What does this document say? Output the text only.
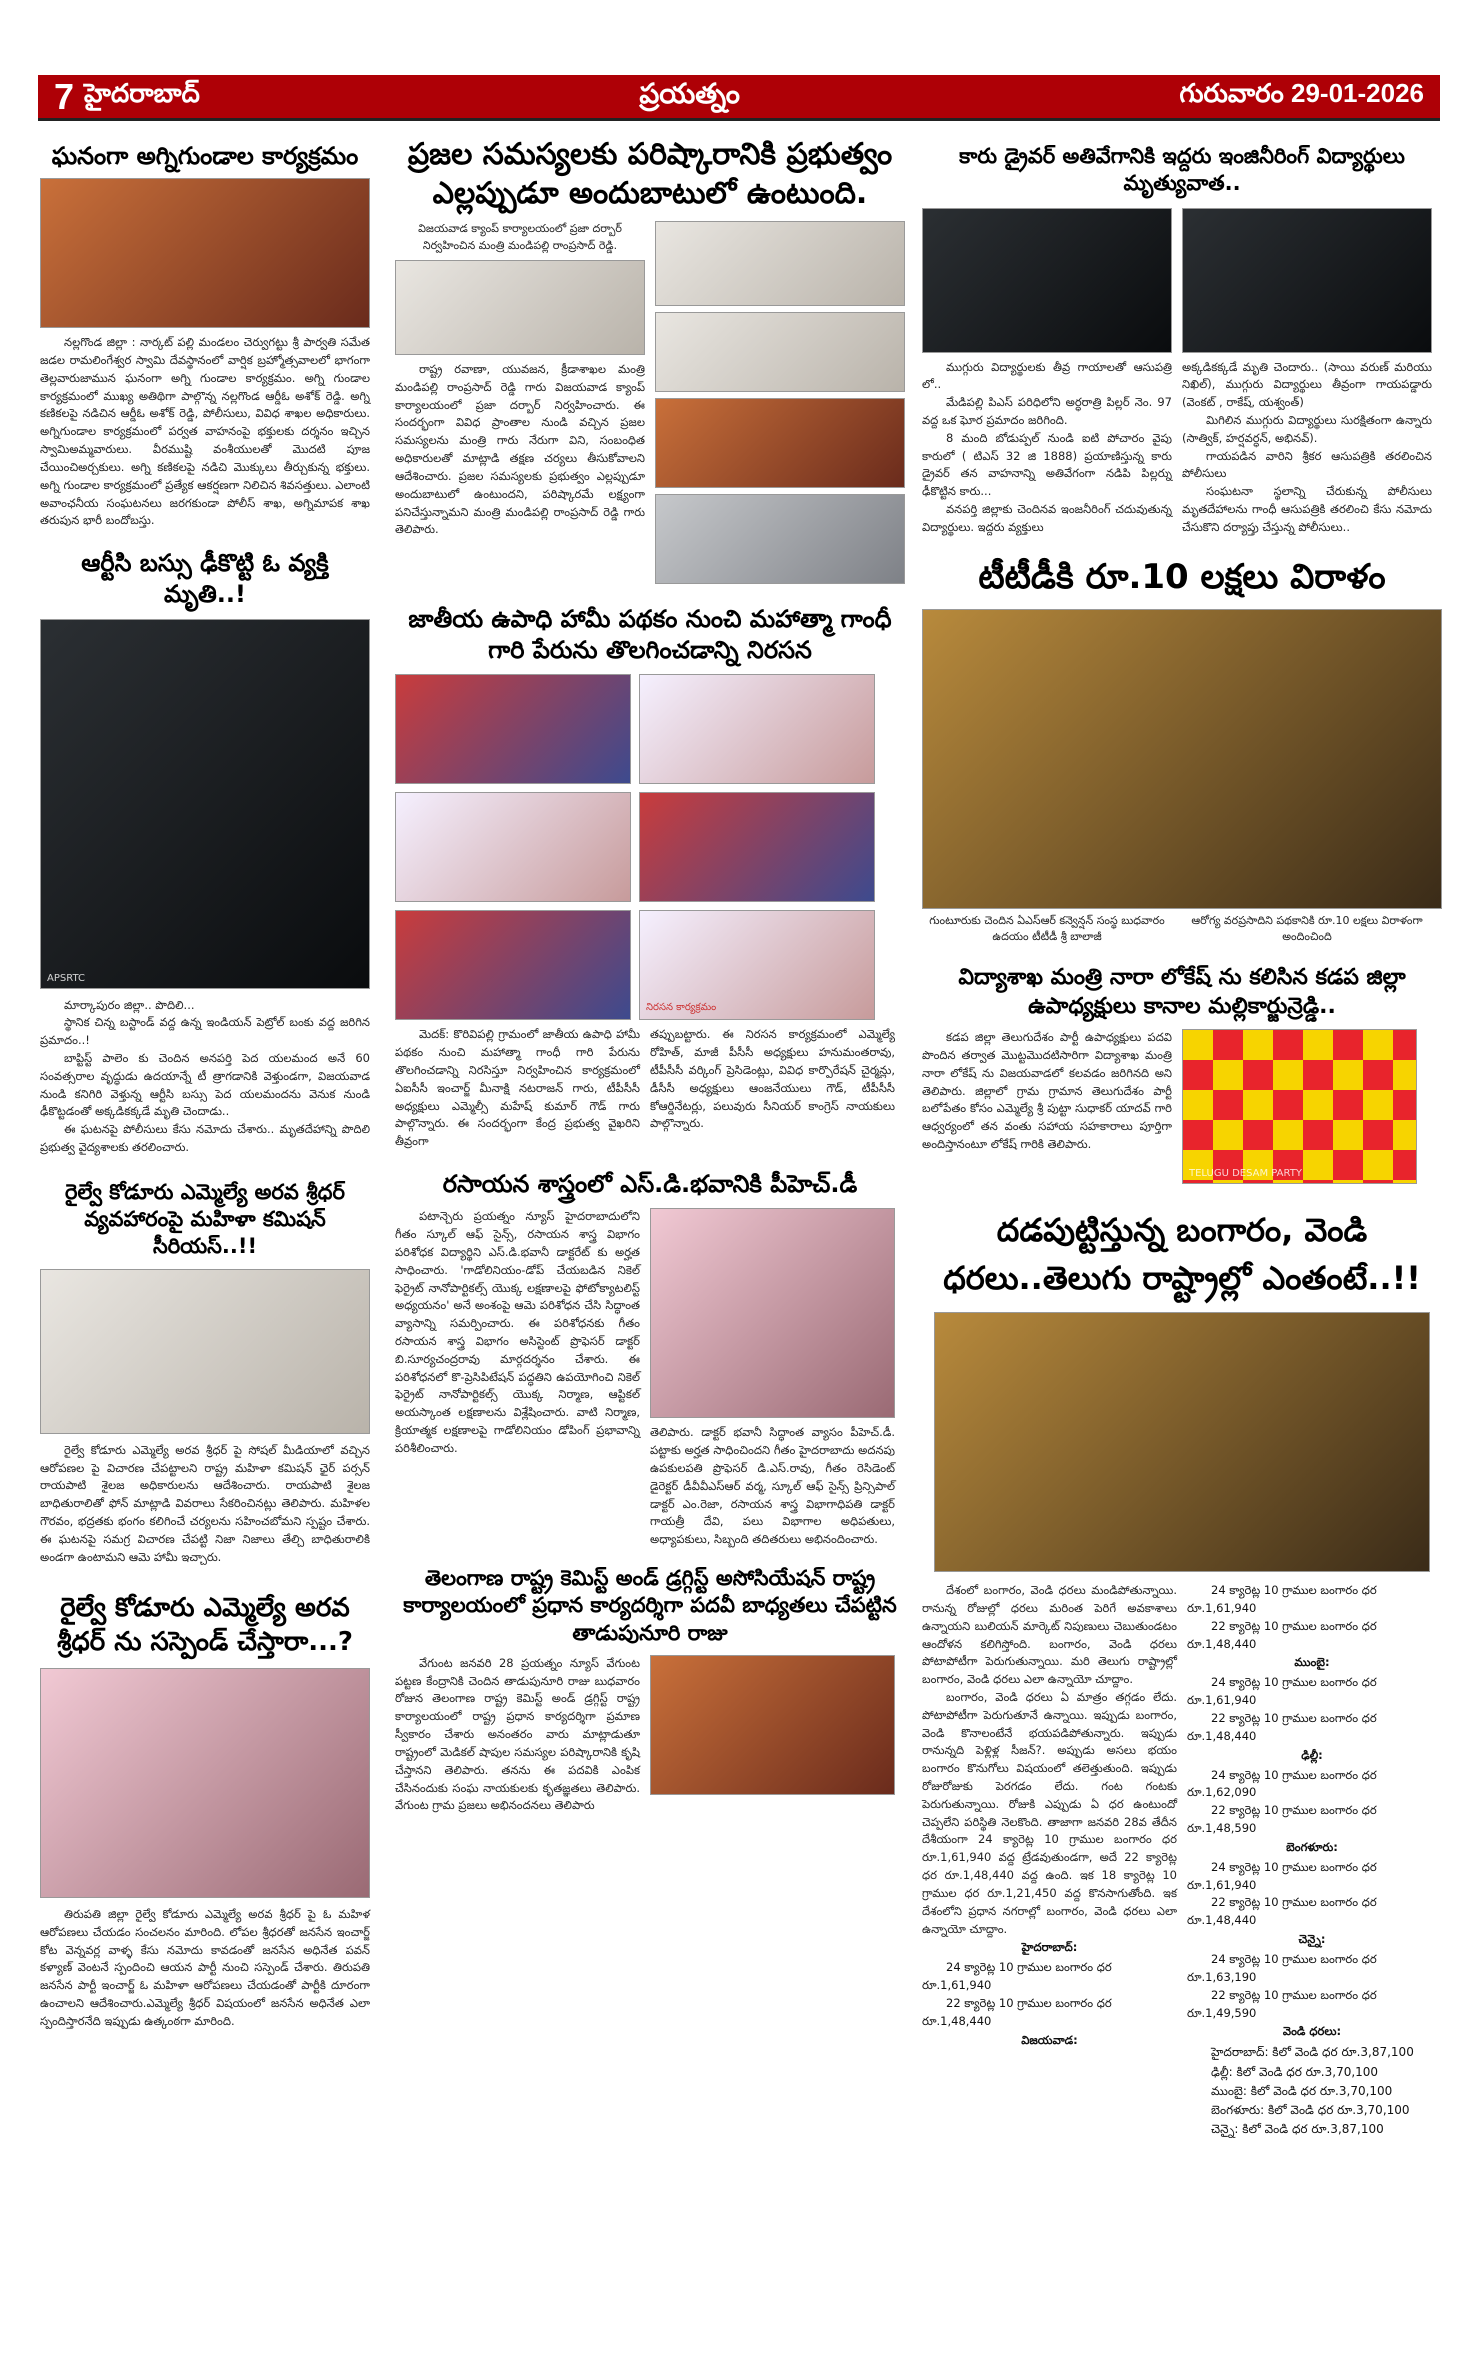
7 హైదరాబాద్	ప్రయత్నం	గురువారం 29-01-2026
ఘనంగా అగ్నిగుండాల కార్యక్రమం
నల్లగొండ జిల్లా : నార్కట్ పల్లి మండలం చెర్వుగట్టు శ్రీ పార్వతి సమేత జడల రామలింగేశ్వర స్వామి దేవస్థానంలో వార్షిక బ్రహ్మోత్సవాలలో భాగంగా తెల్లవారుజామున ఘనంగా అగ్ని గుండాల కార్యక్రమం. అగ్ని గుండాల కార్యక్రమంలో ముఖ్య అతిథిగా పాల్గొన్న నల్లగొండ ఆర్డీఓ అశోక్ రెడ్డి. అగ్ని కణికలపై నడిచిన ఆర్డీఓ అశోక్ రెడ్డి, పోలీసులు, వివిధ శాఖల అధికారులు. అగ్నిగుండాల కార్యక్రమంలో పర్వత వాహనంపై భక్తులకు దర్శనం ఇచ్చిన స్వామిఅమ్మవారులు. వీరముష్టి వంశీయులతో మొదటి పూజ చేయించిఅర్చకులు. అగ్ని కణికలపై నడిచి మొక్కులు తీర్చుకున్న భక్తులు. అగ్ని గుండాల కార్యక్రమంలో ప్రత్యేక ఆకర్షణగా నిలిచిన శివసత్తులు. ఎలాంటి అవాంఛనీయ సంఘటనలు జరగకుండా పోలీస్ శాఖ, అగ్నిమాపక శాఖ తరుపున భారీ బందోబస్తు.
ఆర్టీసి బస్సు ఢీకొట్టి ఓ వ్యక్తి మృతి..!
APSRTC
మార్కాపురం జిల్లా.. పొదిలి...
స్థానిక చిన్న బస్టాండ్ వద్ద ఉన్న ఇండియన్ పెట్రోల్ బంకు వద్ద జరిగిన ప్రమాదం..!
బాప్టిస్ట్ పాలెం కు చెందిన అనపర్తి పెద యలమంద అనే 60 సంవత్సరాల వృద్ధుడు ఉదయాన్నే టీ త్రాగడానికి వెళ్తుండగా, విజయవాడ నుండి కనిగిరి వెళ్తున్న ఆర్టీసి బస్సు పెద యలమందను వెనుక నుండి ఢీకొట్టడంతో అక్కడికక్కడే మృతి చెందాడు..
ఈ ఘటనపై పోలీసులు కేసు నమోదు చేశారు.. మృతదేహాన్ని పొదిలి ప్రభుత్వ వైద్యశాలకు తరలించారు.
రైల్వే కోడూరు ఎమ్మెల్యే అరవ శ్రీధర్ వ్యవహారంపై మహిళా కమిషన్ సీరియస్..!!
రైల్వే కోడూరు ఎమ్మెల్యే అరవ శ్రీధర్ పై సోషల్ మీడియాలో వచ్చిన ఆరోపణల పై విచారణ చేపట్టాలని రాష్ట్ర మహిళా కమిషన్ ఛైర్ పర్సన్ రాయపాటి శైలజ అధికారులను ఆదేశించారు. రాయపాటి శైలజ బాధితురాలితో ఫోన్ మాట్లాడి వివరాలు సేకరించినట్లు తెలిపారు. మహిళల గౌరవం, భద్రతకు భంగం కలిగించే చర్యలను సహించబోమని స్పష్టం చేశారు. ఈ ఘటనపై సమగ్ర విచారణ చేపట్టి నిజా నిజాలు తేల్చి బాధితురాలికి అండగా ఉంటామని ఆమె హామీ ఇచ్చారు.
రైల్వే కోడూరు ఎమ్మెల్యే అరవ శ్రీధర్ ను సస్పెండ్ చేస్తారా...?
తిరుపతి జిల్లా రైల్వే కోడూరు ఎమ్మెల్యే అరవ శ్రీధర్ పై ఓ మహిళ ఆరోపణలు చేయడం సంచలనం మారింది. లోపల శ్రీధరతో జనసేన ఇంచార్జ్ కోట వెన్నవర్ల వాళ్ళ కేసు నమోదు కావడంతో జనసేన అధినేత పవన్ కళ్యాణ్ వెంటనే స్పందించి ఆయన పార్టీ నుంచి సస్పెండ్ చేశారు. తిరుపతి జనసేన పార్టీ ఇంచార్జ్ ఓ మహిళా ఆరోపణలు చేయడంతో పార్టీకి దూరంగా ఉంచాలని ఆదేశించారు.ఎమ్మెల్యే శ్రీధర్ విషయంలో జనసేన అధినేత ఎలా స్పందిస్తారనేది ఇప్పుడు ఉత్కంఠగా మారింది.
ప్రజల సమస్యలకు పరిష్కారానికి ప్రభుత్వం ఎల్లప్పుడూ అందుబాటులో ఉంటుంది.
విజయవాడ క్యాంప్ కార్యాలయంలో ప్రజా దర్బార్ నిర్వహించిన మంత్రి మండిపల్లి రాంప్రసాద్ రెడ్డి.
రాష్ట్ర రవాణా, యువజన, క్రీడాశాఖల మంత్రి మండిపల్లి రాంప్రసాద్ రెడ్డి గారు విజయవాడ క్యాంప్ కార్యాలయంలో ప్రజా దర్బార్ నిర్వహించారు. ఈ సందర్భంగా వివిధ ప్రాంతాల నుండి వచ్చిన ప్రజల సమస్యలను మంత్రి గారు నేరుగా విని, సంబంధిత అధికారులతో మాట్లాడి తక్షణ చర్యలు తీసుకోవాలని ఆదేశించారు. ప్రజల సమస్యలకు ప్రభుత్వం ఎల్లప్పుడూ అందుబాటులో ఉంటుందని, పరిష్కారమే లక్ష్యంగా పనిచేస్తున్నామని మంత్రి మండిపల్లి రాంప్రసాద్ రెడ్డి గారు తెలిపారు.
జాతీయ ఉపాధి హామీ పథకం నుంచి మహాత్మా గాంధీ గారి పేరును తొలగించడాన్ని నిరసన
నిరసన కార్యక్రమం
మెదక్: కొరివిపల్లి గ్రామంలో జాతీయ ఉపాధి హామీ పథకం నుంచి మహాత్మా గాంధీ గారి పేరును తొలగించడాన్ని నిరసిస్తూ నిర్వహించిన కార్యక్రమంలో ఏఐసీసీ ఇంచార్జ్ మీనాక్షి నటరాజన్ గారు, టీపీసీసీ అధ్యక్షులు ఎమ్మెల్సీ మహేష్ కుమార్ గౌడ్ గారు పాల్గొన్నారు. ఈ సందర్భంగా కేంద్ర ప్రభుత్వ వైఖరిని తీవ్రంగా
తప్పుబట్టారు. ఈ నిరసన కార్యక్రమంలో ఎమ్మెల్యే రోహిత్, మాజీ పీసీసీ అధ్యక్షులు హనుమంతరావు, టీపీసీసీ వర్కింగ్ ప్రెసిడెంట్లు, వివిధ కార్పొరేషన్ చైర్మన్లు, డీసీసీ అధ్యక్షులు ఆంజనేయులు గౌడ్, టీపీసీసీ కోఆర్డినేటర్లు, పలువురు సీనియర్ కాంగ్రెస్ నాయకులు పాల్గొన్నారు.
రసాయన శాస్త్రంలో ఎస్.డి.భవానికి పీహెచ్.డీ
పటాన్చెరు ప్రయత్నం న్యూస్ హైదరాబాదులోని గీతం స్కూల్ ఆఫ్ సైన్స్, రసాయన శాస్త్ర విభాగం పరిశోధక విద్యార్థిని ఎస్.డి.భవానీ డాక్టరేట్ కు అర్హత సాధించారు. 'గాడోలినియం-డోప్ చేయబడిన నికెల్ ఫెర్రైట్ నానోపార్టికల్స్ యొక్క లక్షణాలపై ఫోటోక్యాటలిస్ట్ అధ్యయనం' అనే అంశంపై ఆమె పరిశోధన చేసి సిద్ధాంత వ్యాసాన్ని సమర్పించారు. ఈ పరిశోధనకు గీతం రసాయన శాస్త్ర విభాగం అసిస్టెంట్ ప్రొఫెసర్ డాక్టర్ బి.సూర్యచంద్రరావు మార్గదర్శనం చేశారు. ఈ పరిశోధనలో కొ-ప్రెసిపిటేషన్ పద్ధతిని ఉపయోగించి నికెల్ ఫెర్రైట్ నానోపార్టికల్స్ యొక్క నిర్మాణ, ఆప్టికల్ అయస్కాంత లక్షణాలను విశ్లేషించారు. వాటి నిర్మాణ, క్రియాత్మక లక్షణాలపై గాడోలినియం డోపింగ్ ప్రభావాన్ని పరిశీలించారు.
తెలిపారు. డాక్టర్ భవానీ సిద్ధాంత వ్యాసం పీహెచ్.డీ. పట్టాకు అర్హత సాధించిందని గీతం హైదరాబాదు అదనపు ఉపకులపతి ప్రొఫెసర్ డి.ఎస్.రావు, గీతం రెసిడెంట్ డైరెక్టర్ డీవీవీఎస్ఆర్ వర్మ, స్కూల్ ఆఫ్ సైన్స్ ప్రిన్సిపాల్ డాక్టర్ ఎం.రెజా, రసాయన శాస్త్ర విభాగాధిపతి డాక్టర్ గాయత్రీ దేవి, పలు విభాగాల అధిపతులు, అధ్యాపకులు, సిబ్బంది తదితరులు అభినందించారు.
తెలంగాణ రాష్ట్ర కెమిస్ట్ అండ్ డ్రగ్గిస్ట్ అసోసియేషన్ రాష్ట్ర కార్యాలయంలో ప్రధాన కార్యదర్శిగా పదవీ బాధ్యతలు చేపట్టిన తాడుపునూరి రాజు
వేగుంట జనవరి 28 ప్రయత్నం న్యూస్ వేగుంట పట్టణ కేంద్రానికి చెందిన తాడుపునూరి రాజు బుధవారం రోజున తెలంగాణ రాష్ట్ర కెమిస్ట్ అండ్ డ్రగ్గిస్ట్ రాష్ట్ర కార్యాలయంలో రాష్ట్ర ప్రధాన కార్యదర్శిగా ప్రమాణ స్వీకారం చేశారు అనంతరం వారు మాట్లాడుతూ రాష్ట్రంలో మెడికల్ షాపుల సమస్యల పరిష్కారానికి కృషి చేస్తానని తెలిపారు. తనను ఈ పదవికి ఎంపిక చేసినందుకు సంఘ నాయకులకు కృతజ్ఞతలు తెలిపారు. వేగుంట గ్రామ ప్రజలు అభినందనలు తెలిపారు
కారు డ్రైవర్ అతివేగానికి ఇద్దరు ఇంజినీరింగ్ విద్యార్థులు మృత్యువాత..
ముగ్గురు విద్యార్థులకు తీవ్ర గాయాలతో ఆసుపత్రి లో..
మేడిపల్లి పిఎస్ పరిధిలోని అర్ధరాత్రి పిల్లర్ నెం. 97 వద్ద ఒక ఘోర ప్రమాదం జరిగింది.
8 మంది బోడుప్పల్ నుండి ఐటి పోచారం వైపు కారులో ( టిఎస్ 32 జి 1888) ప్రయాణిస్తున్న కారు డ్రైవర్ తన వాహనాన్ని అతివేగంగా నడిపి పిల్లర్ను ఢీకొట్టిన కారు...
వనపర్తి జిల్లాకు చెందినవ ఇంజనీరింగ్ చదువుతున్న విద్యార్థులు. ఇద్దరు వ్యక్తులు
అక్కడికక్కడే మృతి చెందారు.. (సాయి వరుణ్ మరియు నిఖిల్), ముగ్గురు విద్యార్థులు తీవ్రంగా గాయపడ్డారు (వెంకట్ , రాకేష్, యశ్వంత్)
మిగిలిన ముగ్గురు విద్యార్థులు సురక్షితంగా ఉన్నారు (సాత్విక్, హర్షవర్ధన్, అభినవ్).
గాయపడిన వారిని శ్రీకర ఆసుపత్రికి తరలించిన పోలీసులు
సంఘటనా స్థలాన్ని చేరుకున్న పోలీసులు మృతదేహాలను గాంధీ ఆసుపత్రికి తరలించి కేసు నమోదు చేసుకొని దర్యాప్తు చేస్తున్న పోలీసులు..
టీటీడీకి రూ.10 లక్షలు విరాళం
గుంటూరుకు చెందిన ఏఎస్ఆర్ కన్వెన్షన్ సంస్థ బుధవారం ఉదయం టీటీడీ శ్రీ బాలాజీ
ఆరోగ్య వరప్రసాదిని పథకానికి రూ.10 లక్షలు విరాళంగా అందించింది
విద్యాశాఖ మంత్రి నారా లోకేష్ ను కలిసిన కడప జిల్లా ఉపాధ్యక్షులు కానాల మల్లికార్జున్రెడ్డి..
కడప జిల్లా తెలుగుదేశం పార్టీ ఉపాధ్యక్షులు పదవి పొందిన తర్వాత మొట్టమొదటిసారిగా విద్యాశాఖ మంత్రి నారా లోకేష్ ను విజయవాడలో కలవడం జరిగినది అని తెలిపారు. జిల్లాలో గ్రామ గ్రామాన తెలుగుదేశం పార్టీ బలోపేతం కోసం ఎమ్మెల్యే శ్రీ పుట్టా సుధాకర్ యాదవ్ గారి ఆధ్వర్యంలో తన వంతు సహాయ సహకారాలు పూర్తిగా అందిస్తానంటూ లోకేష్ గారికి తెలిపారు.
TELUGU DESAM PARTY
దడపుట్టిస్తున్న బంగారం, వెండి ధరలు..తెలుగు రాష్ట్రాల్లో ఎంతంటే..!!
దేశంలో బంగారం, వెండి ధరలు మండిపోతున్నాయి. రానున్న రోజుల్లో ధరలు మరింత పెరిగే అవకాశాలు ఉన్నాయని బులియన్ మార్కెట్ నిపుణులు చెబుతుండటం ఆందోళన కలిగిస్తోంది. బంగారం, వెండి ధరలు పోటాపోటీగా పెరుగుతున్నాయి. మరి తెలుగు రాష్ట్రాల్లో బంగారం, వెండి ధరలు ఎలా ఉన్నాయో చూద్దాం.
బంగారం, వెండి ధరలు ఏ మాత్రం తగ్గడం లేదు. పోటాపోటీగా పెరుగుతూనే ఉన్నాయి. ఇప్పుడు బంగారం, వెండి కొనాలంటేనే భయపడిపోతున్నారు. ఇప్పుడు రానున్నది పెళ్లిళ్ల సీజన్?. అప్పుడు అసలు భయం బంగారం కొనుగోలు విషయంలో తలెత్తుతుంది. ఇప్పుడు రోజురోజుకు పెరగడం లేదు. గంట గంటకు పెరుగుతున్నాయి. రోజుకి ఎప్పుడు ఏ ధర ఉంటుందో చెప్పలేని పరిస్థితి నెలకొంది. తాజాగా జనవరి 28వ తేదీన దేశీయంగా 24 క్యారెట్ల 10 గ్రాముల బంగారం ధర రూ.1,61,940 వద్ద ట్రేడవుతుండగా, అదే 22 క్యారెట్ల ధర రూ.1,48,440 వద్ద ఉంది. ఇక 18 క్యారెట్ల 10 గ్రాముల ధర రూ.1,21,450 వద్ద కొనసాగుతోంది. ఇక దేశంలోని ప్రధాన నగరాల్లో బంగారం, వెండి ధరలు ఎలా ఉన్నాయో చూద్దాం.
హైదరాబాద్:
24 క్యారెట్ల 10 గ్రాముల బంగారం ధర
రూ.1,61,940
22 క్యారెట్ల 10 గ్రాముల బంగారం ధర
రూ.1,48,440
విజయవాడ:
24 క్యారెట్ల 10 గ్రాముల బంగారం ధర
రూ.1,61,940
22 క్యారెట్ల 10 గ్రాముల బంగారం ధర
రూ.1,48,440
ముంబై:
24 క్యారెట్ల 10 గ్రాముల బంగారం ధర
రూ.1,61,940
22 క్యారెట్ల 10 గ్రాముల బంగారం ధర
రూ.1,48,440
ఢిల్లీ:
24 క్యారెట్ల 10 గ్రాముల బంగారం ధర
రూ.1,62,090
22 క్యారెట్ల 10 గ్రాముల బంగారం ధర
రూ.1,48,590
బెంగళూరు:
24 క్యారెట్ల 10 గ్రాముల బంగారం ధర
రూ.1,61,940
22 క్యారెట్ల 10 గ్రాముల బంగారం ధర
రూ.1,48,440
చెన్నై:
24 క్యారెట్ల 10 గ్రాముల బంగారం ధర
రూ.1,63,190
22 క్యారెట్ల 10 గ్రాముల బంగారం ధర
రూ.1,49,590
వెండి ధరలు:
హైదరాబాద్: కిలో వెండి ధర రూ.3,87,100
ఢిల్లీ: కిలో వెండి ధర రూ.3,70,100
ముంబై: కిలో వెండి ధర రూ.3,70,100
బెంగళూరు: కిలో వెండి ధర రూ.3,70,100
చెన్నై: కిలో వెండి ధర రూ.3,87,100
